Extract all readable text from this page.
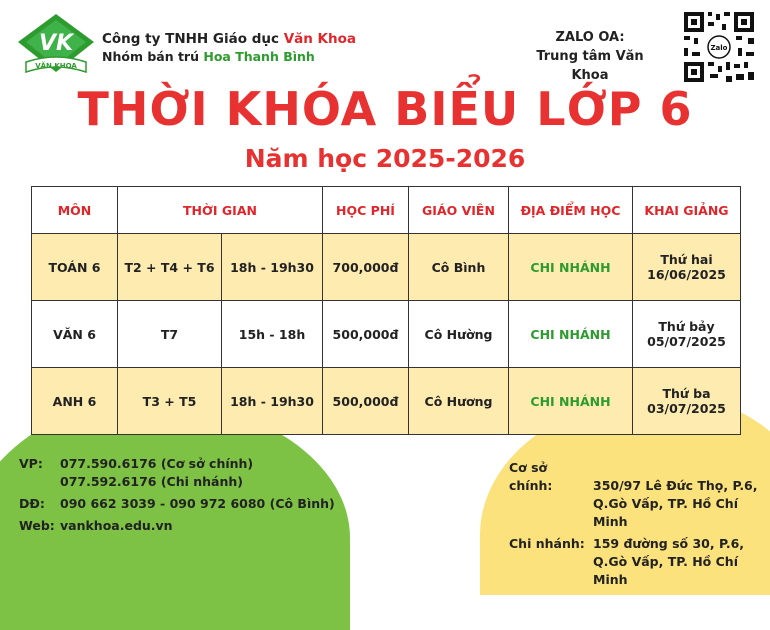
VK
VĂN KHOA
Công ty TNHH Giáo dục Văn Khoa
Nhóm bán trú Hoa Thanh Bình
ZALO OA:
Trung tâm Văn Khoa
Zalo
THỜI KHÓA BIỂU LỚP 6
Năm học 2025-2026
MÔN	THỜI GIAN		HỌC PHÍ	GIÁO VIÊN	ĐỊA ĐIỂM HỌC	KHAI GIẢNG
TOÁN 6	T2 + T4 + T6	18h - 19h30	700,000đ	Cô Bình	CHI NHÁNH	Thứ hai
16/06/2025

VĂN 6	T7	15h - 18h	500,000đ	Cô Hường	CHI NHÁNH	Thứ bảy
05/07/2025

ANH 6	T3 + T5	18h - 19h30	500,000đ	Cô Hương	CHI NHÁNH	Thứ ba
03/07/2025
VP:	077.590.6176 (Cơ sở chính)
077.592.6176 (Chi nhánh)
DĐ:	090 662 3039 - 090 972 6080 (Cô Bình)
Web: vankhoa.edu.vn
Cơ sở chính:	350/97 Lê Đức Thọ, P.6,
Q.Gò Vấp, TP. Hồ Chí Minh
Chi nhánh: 159 đường số 30, P.6,
Q.Gò Vấp, TP. Hồ Chí Minh
